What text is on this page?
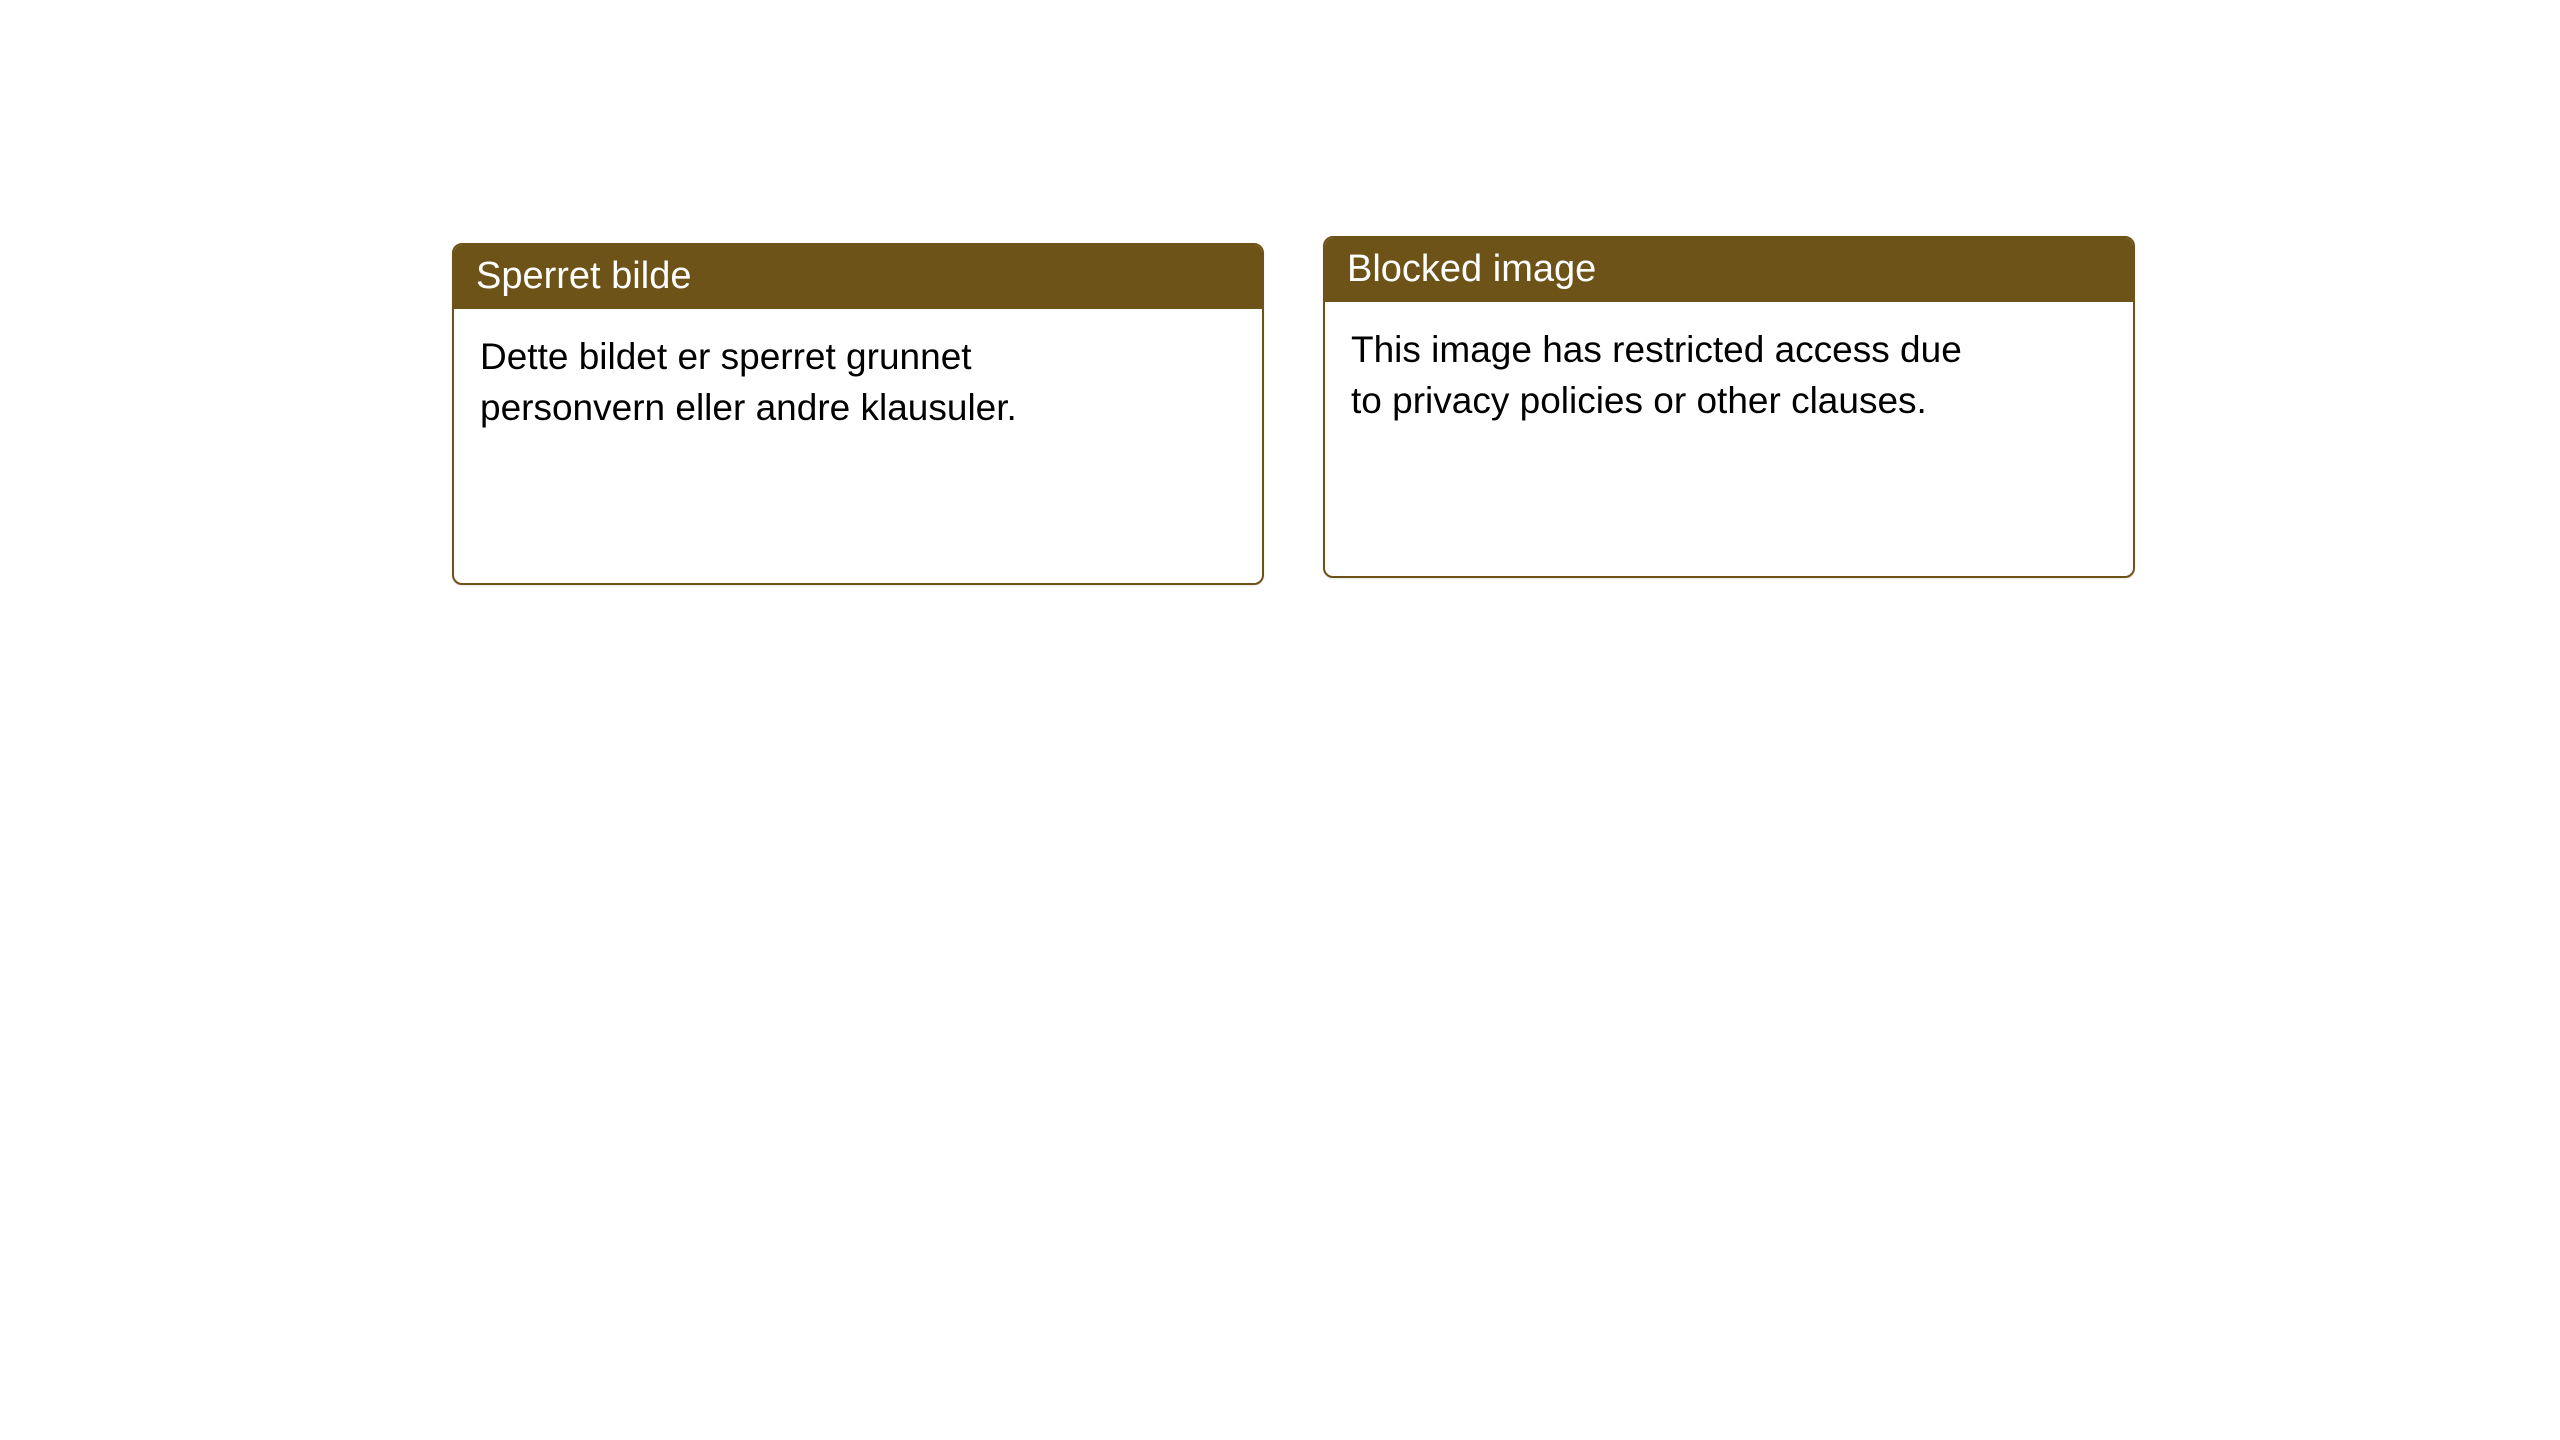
Sperret bilde
Dette bildet er sperret grunnet personvern eller andre klausuler.
Blocked image
This image has restricted access due to privacy policies or other clauses.
